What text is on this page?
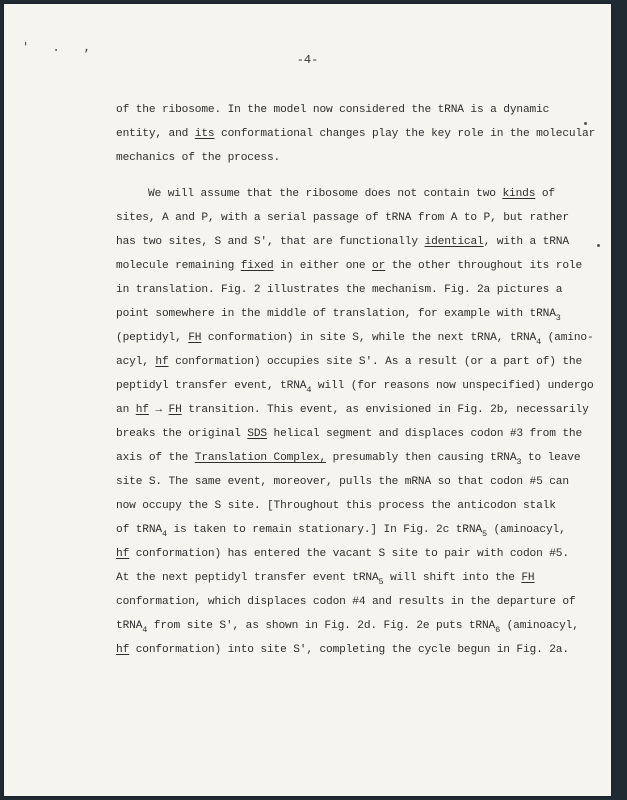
' . ,
-4-

of the ribosome. In the model now considered the tRNA is a dynamic

entity, and its conformational changes play the key role in the molecular

mechanics of the process.

We will assume that the ribosome does not contain two kinds of

sites, A and P, with a serial passage of tRNA from A to P, but rather

has two sites, S and S', that are functionally identical, with a tRNA

molecule remaining fixed in either one or the other throughout its role

in translation. Fig. 2 illustrates the mechanism. Fig. 2a pictures a

point somewhere in the middle of translation, for example with tRNA$_3$

(peptidyl, FH conformation) in site S, while the next tRNA, tRNA$_4$ (amino-

acyl, hf conformation) occupies site S'. As a result (or a part of) the

peptidyl transfer event, tRNA$_4$ will (for reasons now unspecified) undergo

an hf → FH transition. This event, as envisioned in Fig. 2b, necessarily

breaks the original SDS helical segment and displaces codon #3 from the

axis of the Translation Complex, presumably then causing tRNA$_3$ to leave

site S. The same event, moreover, pulls the mRNA so that codon #5 can

now occupy the S site. [Throughout this process the anticodon stalk

of tRNA$_4$ is taken to remain stationary.] In Fig. 2c tRNA$_5$ (aminoacyl,

hf conformation) has entered the vacant S site to pair with codon #5.

At the next peptidyl transfer event tRNA$_5$ will shift into the FH

conformation, which displaces codon #4 and results in the departure of

tRNA$_4$ from site S', as shown in Fig. 2d. Fig. 2e puts tRNA$_6$ (aminoacyl,

hf conformation) into site S', completing the cycle begun in Fig. 2a.
